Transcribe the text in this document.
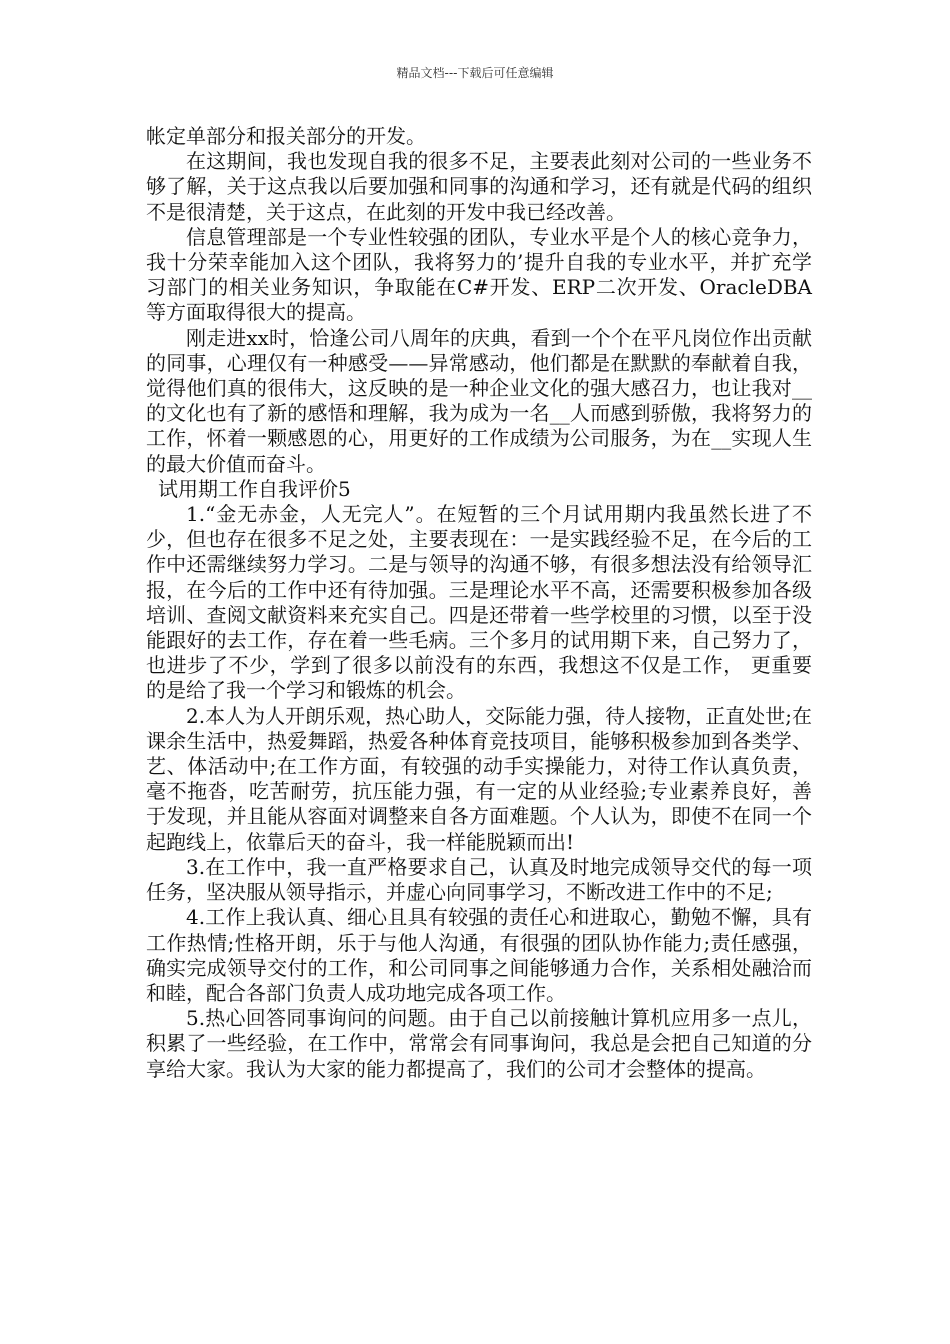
精品文档---下载后可任意编辑

帐定单部分和报关部分的开发。

在这期间，我也发现自我的很多不足，主要表此刻对公司的一些业务不够了解，关于这点我以后要加强和同事的沟通和学习，还有就是代码的组织不是很清楚，关于这点，在此刻的开发中我已经改善。

信息管理部是一个专业性较强的团队，专业水平是个人的核心竞争力，我十分荣幸能加入这个团队，我将努力的’提升自我的专业水平，并扩充学习部门的相关业务知识，争取能在C#开发、ERP二次开发、OracleDBA等方面取得很大的提高。

刚走进xx时，恰逢公司八周年的庆典，看到一个个在平凡岗位作出贡献的同事，心理仅有一种感受——异常感动，他们都是在默默的奉献着自我，觉得他们真的很伟大，这反映的是一种企业文化的强大感召力，也让我对__的文化也有了新的感悟和理解，我为成为一名__人而感到骄傲，我将努力的工作，怀着一颗感恩的心，用更好的工作成绩为公司服务，为在__实现人生的最大价值而奋斗。

试用期工作自我评价5

1.“金无赤金，人无完人”。在短暂的三个月试用期内我虽然长进了不少，但也存在很多不足之处，主要表现在：一是实践经验不足，在今后的工作中还需继续努力学习。二是与领导的沟通不够，有很多想法没有给领导汇报，在今后的工作中还有待加强。三是理论水平不高，还需要积极参加各级培训、查阅文献资料来充实自己。四是还带着一些学校里的习惯，以至于没能跟好的去工作，存在着一些毛病。三个多月的试用期下来，自己努力了，也进步了不少，学到了很多以前没有的东西，我想这不仅是工作， 更重要的是给了我一个学习和锻炼的机会。

2.本人为人开朗乐观，热心助人，交际能力强，待人接物，正直处世;在课余生活中，热爱舞蹈，热爱各种体育竞技项目，能够积极参加到各类学、艺、体活动中;在工作方面，有较强的动手实操能力，对待工作认真负责，毫不拖沓，吃苦耐劳，抗压能力强，有一定的从业经验;专业素养良好，善于发现，并且能从容面对调整来自各方面难题。个人认为，即使不在同一个起跑线上，依靠后天的奋斗，我一样能脱颖而出!

3.在工作中，我一直严格要求自己，认真及时地完成领导交代的每一项任务，坚决服从领导指示，并虚心向同事学习，不断改进工作中的不足;

4.工作上我认真、细心且具有较强的责任心和进取心，勤勉不懈，具有工作热情;性格开朗，乐于与他人沟通，有很强的团队协作能力;责任感强，确实完成领导交付的工作，和公司同事之间能够通力合作，关系相处融洽而和睦，配合各部门负责人成功地完成各项工作。

5.热心回答同事询问的问题。由于自己以前接触计算机应用多一点儿，积累了一些经验，在工作中，常常会有同事询问，我总是会把自己知道的分享给大家。我认为大家的能力都提高了，我们的公司才会整体的提高。
